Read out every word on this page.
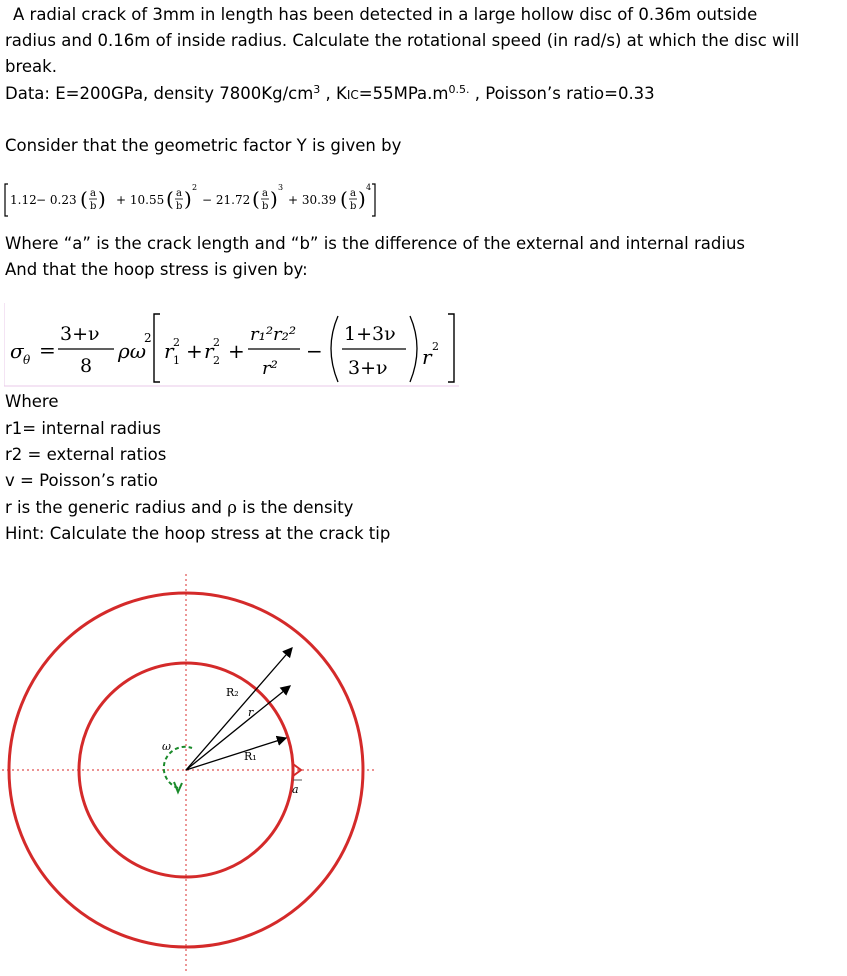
A radial crack of 3mm in length has been detected in a large hollow disc of 0.36m outside
radius and 0.16m of inside radius. Calculate the rotational speed (in rad/s) at which the disc will
break.
Data: E=200GPa, density $7800Kg/cm^3$ , $KIC=55MPa.m^{0.5.}$ , Poisson’s ratio=0.33
Consider that the geometric factor Y is given by
1.12 − 0.23 ( a
b ) + 10.55 ( a
b ) 2
− 21.72 ( a
b ) 3
+ 30.39 ( a
b ) 4
Where “a” is the crack length and “b” is the difference of the external and internal radius
And that the hoop stress is given by:
σ θ =
3+ν
8
ρω
2
r 1
2 + r 2
2 +
r₁²r₂²
r²
−
1+3ν
3+ν r 2
Where
r1= internal radius
r2 = external ratios
v = Poisson’s ratio
r is the generic radius and ρ is the density
Hint: Calculate the hoop stress at the crack tip
R₂
r
R₁
ω
a
